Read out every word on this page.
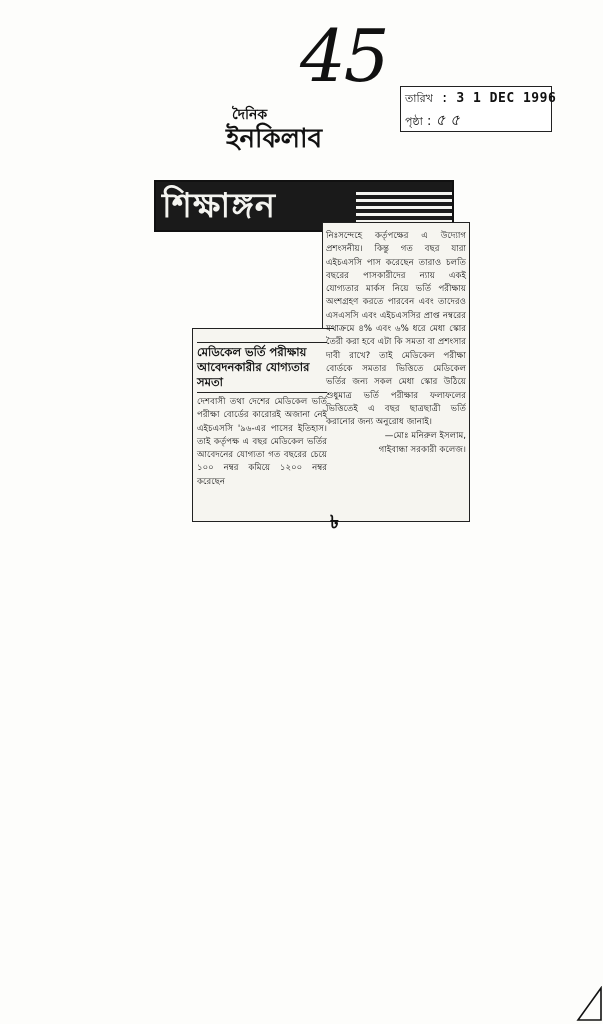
45
দৈনিক
ইনকিলাব
তারিখ : 3 1 DEC 1996
পৃষ্ঠা : ৫ ৫
শিক্ষাঙ্গন
নিঃসন্দেহে কর্তৃপক্ষের এ উদ্যোগ প্রশংসনীয়। কিন্তু গত বছর যারা এইচএসসি পাস করেছেন তারাও চলতি বছরের পাসকারীদের ন্যায় একই যোগ্যতার মার্কস নিয়ে ভর্তি পরীক্ষায় অংশগ্রহণ করতে পারবেন এবং তাদেরও এসএসসি এবং এইচএসসির প্রাপ্ত নম্বরের যথাক্রমে ৪% এবং ৬% ধরে মেধা স্কোর তৈরী করা হবে এটা কি সমতা বা প্রশংসার দাবী রাখে? তাই মেডিকেল পরীক্ষা বোর্ডকে সমতার ভিত্তিতে মেডিকেল ভর্তির জন্য সকল মেধা স্কোর উঠিয়ে শুধুমাত্র ভর্তি পরীক্ষার ফলাফলের ভিত্তিতেই এ বছর ছাত্রছাত্রী ভর্তি করানোর জন্য অনুরোধ জানাই।
—মোঃ মনিরুল ইসলাম,
গাইবান্ধা সরকারী কলেজ।
মেডিকেল ভর্তি পরীক্ষায় আবেদনকারীর যোগ্যতার সমতা
দেশবাসী তথা দেশের মেডিকেল ভর্তি পরীক্ষা বোর্ডের কারোরই অজানা নেই এইচএসসি '৯৬-এর পাসের ইতিহাস। তাই কর্তৃপক্ষ এ বছর মেডিকেল ভর্তির আবেদনের যোগ্যতা গত বছরের চেয়ে ১০০ নম্বর কমিয়ে ১২০০ নম্বর করেছেন
৳
